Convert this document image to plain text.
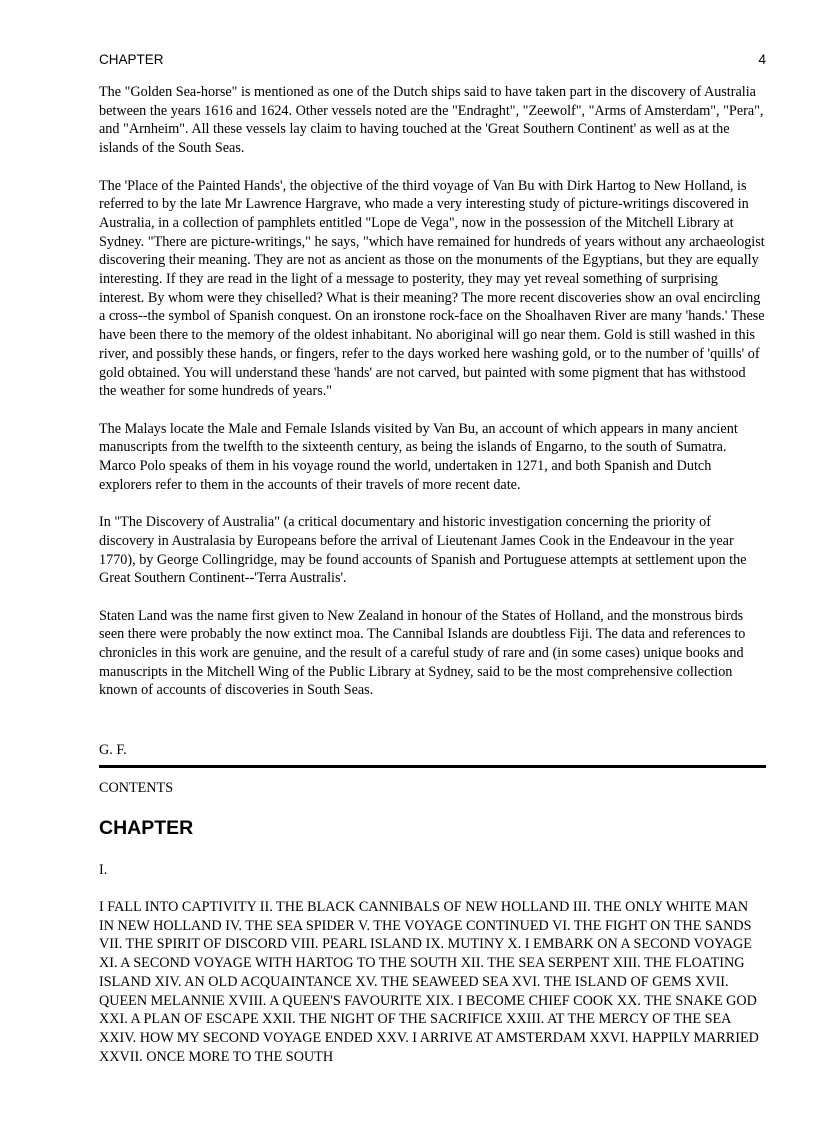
CHAPTER	4

The "Golden Sea-horse" is mentioned as one of the Dutch ships said to have taken part in the discovery of Australia between the years 1616 and 1624. Other vessels noted are the "Endraght", "Zeewolf", "Arms of Amsterdam", "Pera", and "Arnheim". All these vessels lay claim to having touched at the 'Great Southern Continent' as well as at the islands of the South Seas.

The 'Place of the Painted Hands', the objective of the third voyage of Van Bu with Dirk Hartog to New Holland, is referred to by the late Mr Lawrence Hargrave, who made a very interesting study of picture-writings discovered in Australia, in a collection of pamphlets entitled "Lope de Vega", now in the possession of the Mitchell Library at Sydney. "There are picture-writings," he says, "which have remained for hundreds of years without any archaeologist discovering their meaning. They are not as ancient as those on the monuments of the Egyptians, but they are equally interesting. If they are read in the light of a message to posterity, they may yet reveal something of surprising interest. By whom were they chiselled? What is their meaning? The more recent discoveries show an oval encircling a cross--the symbol of Spanish conquest. On an ironstone rock-face on the Shoalhaven River are many 'hands.' These have been there to the memory of the oldest inhabitant. No aboriginal will go near them. Gold is still washed in this river, and possibly these hands, or fingers, refer to the days worked here washing gold, or to the number of 'quills' of gold obtained. You will understand these 'hands' are not carved, but painted with some pigment that has withstood the weather for some hundreds of years."

The Malays locate the Male and Female Islands visited by Van Bu, an account of which appears in many ancient manuscripts from the twelfth to the sixteenth century, as being the islands of Engarno, to the south of Sumatra. Marco Polo speaks of them in his voyage round the world, undertaken in 1271, and both Spanish and Dutch explorers refer to them in the accounts of their travels of more recent date.

In "The Discovery of Australia" (a critical documentary and historic investigation concerning the priority of discovery in Australasia by Europeans before the arrival of Lieutenant James Cook in the Endeavour in the year 1770), by George Collingridge, may be found accounts of Spanish and Portuguese attempts at settlement upon the Great Southern Continent--'Terra Australis'.

Staten Land was the name first given to New Zealand in honour of the States of Holland, and the monstrous birds seen there were probably the now extinct moa. The Cannibal Islands are doubtless Fiji. The data and references to chronicles in this work are genuine, and the result of a careful study of rare and (in some cases) unique books and manuscripts in the Mitchell Wing of the Public Library at Sydney, said to be the most comprehensive collection known of accounts of discoveries in South Seas.

G. F.
CONTENTS
CHAPTER
I.
I FALL INTO CAPTIVITY II. THE BLACK CANNIBALS OF NEW HOLLAND III. THE ONLY WHITE MAN IN NEW HOLLAND IV. THE SEA SPIDER V. THE VOYAGE CONTINUED VI. THE FIGHT ON THE SANDS VII. THE SPIRIT OF DISCORD VIII. PEARL ISLAND IX. MUTINY X. I EMBARK ON A SECOND VOYAGE XI. A SECOND VOYAGE WITH HARTOG TO THE SOUTH XII. THE SEA SERPENT XIII. THE FLOATING ISLAND XIV. AN OLD ACQUAINTANCE XV. THE SEAWEED SEA XVI. THE ISLAND OF GEMS XVII. QUEEN MELANNIE XVIII. A QUEEN'S FAVOURITE XIX. I BECOME CHIEF COOK XX. THE SNAKE GOD XXI. A PLAN OF ESCAPE XXII. THE NIGHT OF THE SACRIFICE XXIII. AT THE MERCY OF THE SEA XXIV. HOW MY SECOND VOYAGE ENDED XXV. I ARRIVE AT AMSTERDAM XXVI. HAPPILY MARRIED XXVII. ONCE MORE TO THE SOUTH
